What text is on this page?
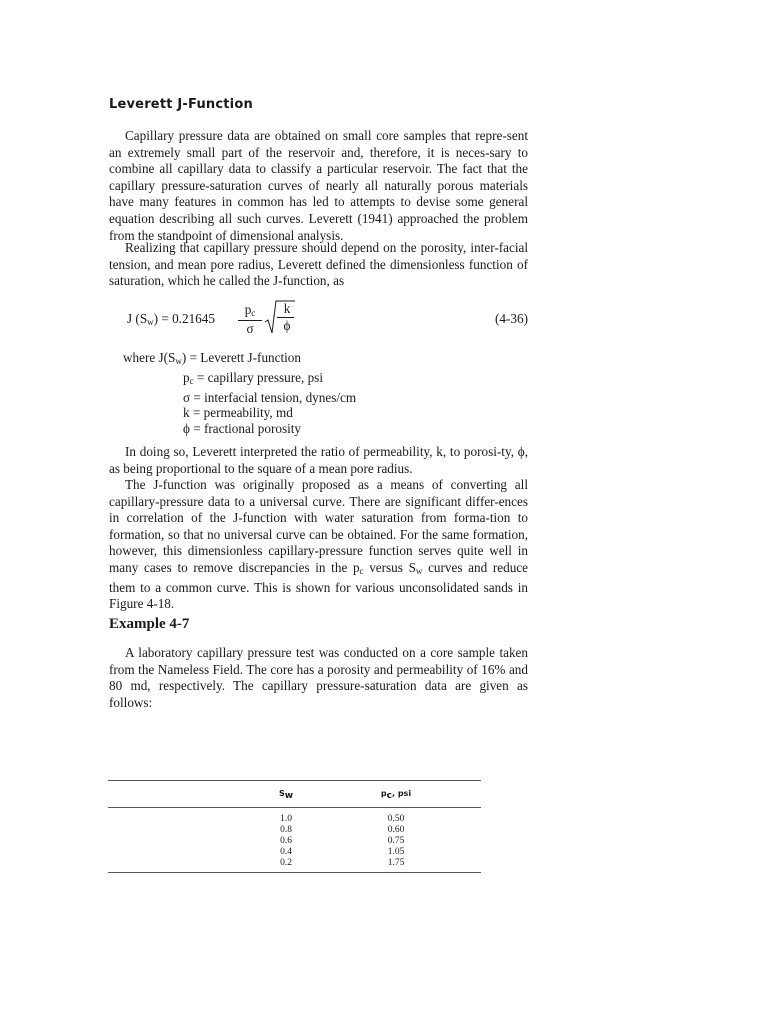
Leverett J-Function

Capillary pressure data are obtained on small core samples that repre-sent an extremely small part of the reservoir and, therefore, it is neces-sary to combine all capillary data to classify a particular reservoir. The fact that the capillary pressure-saturation curves of nearly all naturally porous materials have many features in common has led to attempts to devise some general equation describing all such curves. Leverett (1941) approached the problem from the standpoint of dimensional analysis.

Realizing that capillary pressure should depend on the porosity, inter-facial tension, and mean pore radius, Leverett defined the dimensionless function of saturation, which he called the J-function, as

J $(S_w) = 0.21645 \frac{p_c}{\sigma}$	k
ϕ	(4-36)
where $J(S_w)$ = Leverett J-function
$p_c$ = capillary pressure, psi
σ = interfacial tension, dynes/cm
k = permeability, md
ϕ = fractional porosity

In doing so, Leverett interpreted the ratio of permeability, k, to porosi-ty, ϕ, as being proportional to the square of a mean pore radius.

The J-function was originally proposed as a means of converting all capillary-pressure data to a universal curve. There are significant differ-ences in correlation of the J-function with water saturation from forma-tion to formation, so that no universal curve can be obtained. For the same formation, however, this dimensionless capillary-pressure function serves quite well in many cases to remove discrepancies in the $p_c$ versus $S_w$ curves and reduce them to a common curve. This is shown for various unconsolidated sands in Figure 4-18.

Example 4-7

A laboratory capillary pressure test was conducted on a core sample taken from the Nameless Field. The core has a porosity and permeability of 16% and 80 md, respectively. The capillary pressure-saturation data are given as follows:

	$S_w$	$p_c$, psi	
	1.0	0.50	
	0.8	0.60	
	0.6	0.75	
	0.4	1.05	
	0.2	1.75	
